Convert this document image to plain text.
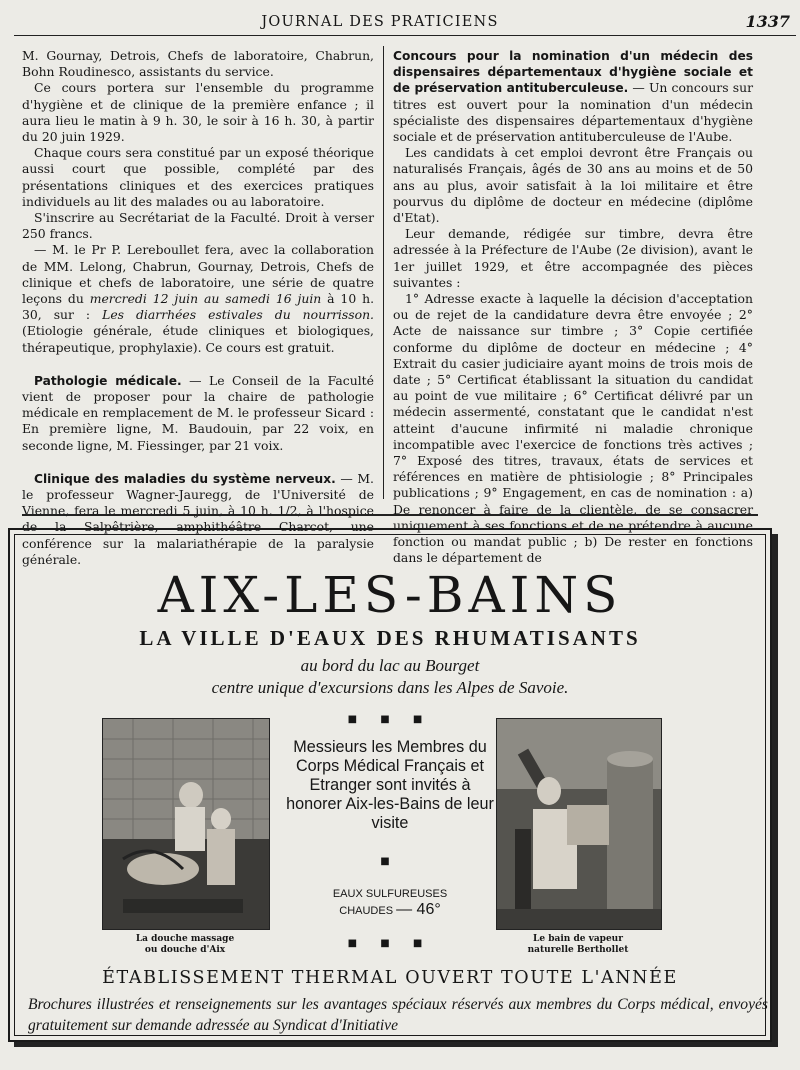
JOURNAL DES PRATICIENS	1337

M. Gournay, Detrois, Chefs de laboratoire, Chabrun, Bohn Roudinesco, assistants du service.

Ce cours portera sur l'ensemble du programme d'hygiène et de clinique de la première enfance ; il aura lieu le matin à 9 h. 30, le soir à 16 h. 30, à partir du 20 juin 1929.

Chaque cours sera constitué par un exposé théorique aussi court que possible, complété par des présentations cliniques et des exercices pratiques individuels au lit des malades ou au laboratoire.

S'inscrire au Secrétariat de la Faculté. Droit à verser 250 francs.

— M. le Pr P. Lereboullet fera, avec la collaboration de MM. Lelong, Chabrun, Gournay, Detrois, Chefs de clinique et chefs de laboratoire, une série de quatre leçons du mercredi 12 juin au samedi 16 juin à 10 h. 30, sur : Les diarrhées estivales du nourrisson. (Etiologie générale, étude cliniques et biologiques, thérapeutique, prophylaxie). Ce cours est gratuit.

Pathologie médicale. — Le Conseil de la Faculté vient de proposer pour la chaire de pathologie médicale en remplacement de M. le professeur Sicard : En première ligne, M. Baudouin, par 22 voix, en seconde ligne, M. Fiessinger, par 21 voix.

Clinique des maladies du système nerveux. — M. le professeur Wagner-Jauregg, de l'Université de Vienne, fera le mercredi 5 juin, à 10 h. 1/2, à l'hospice de la Salpêtrière, amphithéâtre Charcot, une conférence sur la malariathérapie de la paralysie générale.

Concours pour la nomination d'un médecin des dispensaires départementaux d'hygiène sociale et de préservation antituberculeuse. — Un concours sur titres est ouvert pour la nomination d'un médecin spécialiste des dispensaires départementaux d'hygiène sociale et de préservation antituberculeuse de l'Aube.

Les candidats à cet emploi devront être Français ou naturalisés Français, âgés de 30 ans au moins et de 50 ans au plus, avoir satisfait à la loi militaire et être pourvus du diplôme de docteur en médecine (diplôme d'Etat).

Leur demande, rédigée sur timbre, devra être adressée à la Préfecture de l'Aube (2e division), avant le 1er juillet 1929, et être accompagnée des pièces suivantes :

1° Adresse exacte à laquelle la décision d'acceptation ou de rejet de la candidature devra être envoyée ; 2° Acte de naissance sur timbre ; 3° Copie certifiée conforme du diplôme de docteur en médecine ; 4° Extrait du casier judiciaire ayant moins de trois mois de date ; 5° Certificat établissant la situation du candidat au point de vue militaire ; 6° Certificat délivré par un médecin assermenté, constatant que le candidat n'est atteint d'aucune infirmité ni maladie chronique incompatible avec l'exercice de fonctions très actives ; 7° Exposé des titres, travaux, états de services et références en matière de phtisiologie ; 8° Principales publications ; 9° Engagement, en cas de nomination : a) De renoncer à faire de la clientèle, de se consacrer uniquement à ses fonctions et de ne prétendre à aucune fonction ou mandat public ; b) De rester en fonctions dans le département de

AIX-LES-BAINS
LA VILLE D'EAUX DES RHUMATISANTS
au bord du lac au Bourget
centre unique d'excursions dans les Alpes de Savoie.
■ ■ ■
La douche massage
ou douche d'Aix
Le bain de vapeur
naturelle Berthollet
Messieurs les Membres du Corps Médical Français et Etranger sont invités à honorer Aix-les-Bains de leur visite
■
EAUX SULFUREUSES
CHAUDES — 46°
■ ■ ■
ÉTABLISSEMENT THERMAL OUVERT TOUTE L'ANNÉE
Brochures illustrées et renseignements sur les avantages spéciaux réservés aux membres du Corps médical, envoyés gratuitement sur demande adressée au Syndicat d'Initiative
